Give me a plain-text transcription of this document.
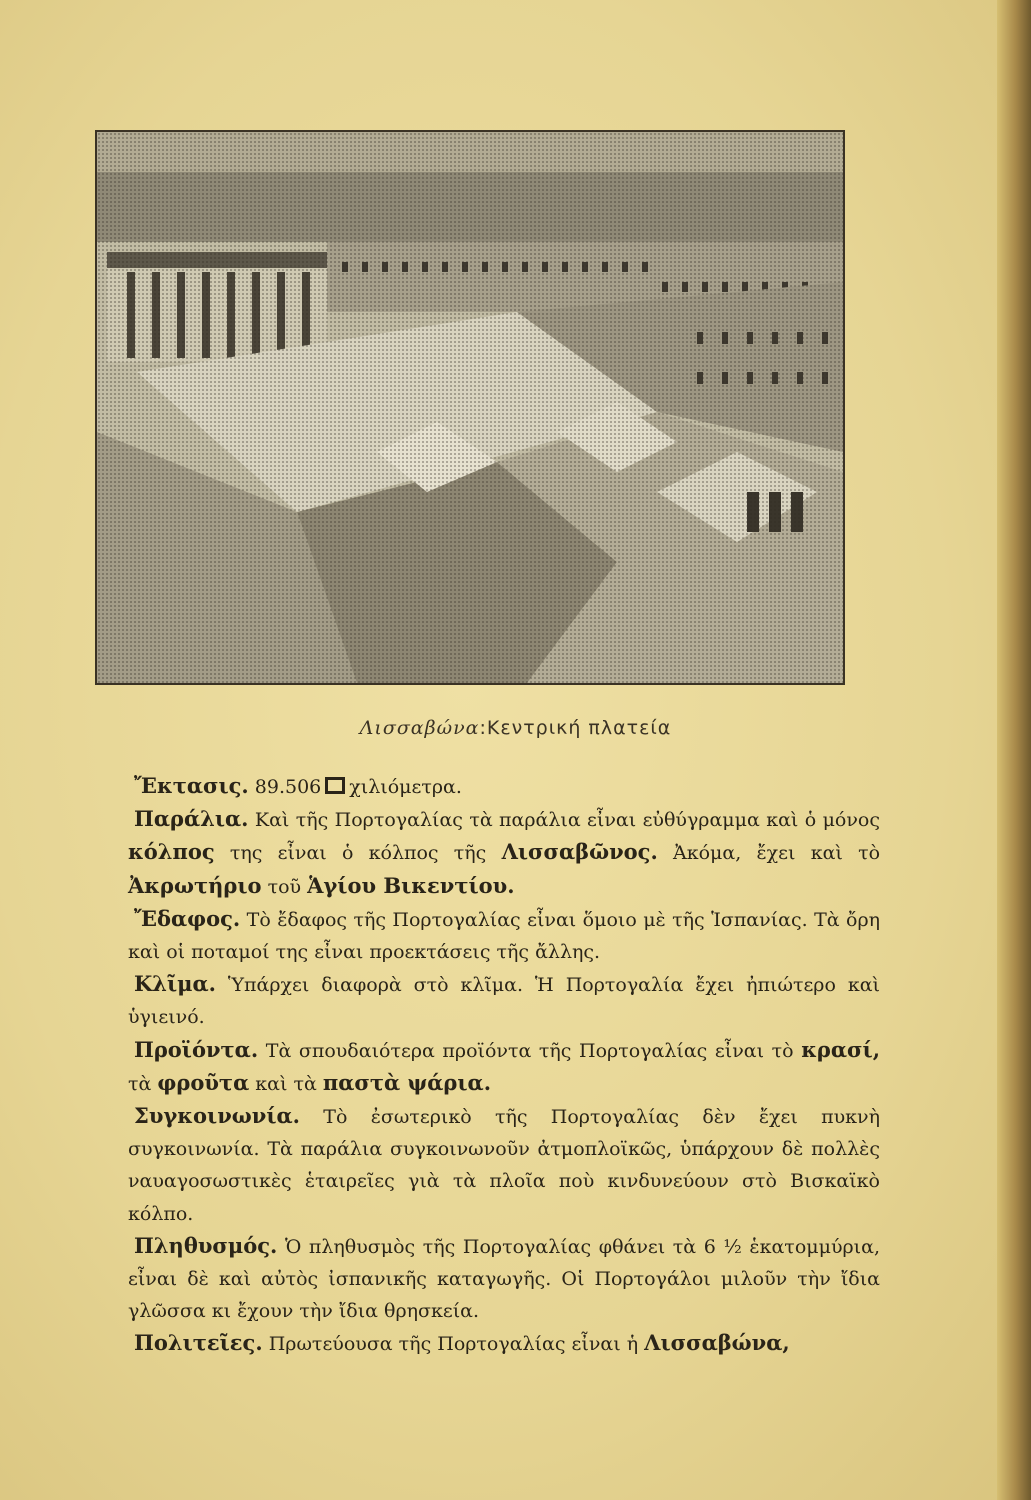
Λισσαβώνα:Κεντρική πλατεία

Ἔκτασις. 89.506 χιλιόμετρα.

Παράλια. Καὶ τῆς Πορτογαλίας τὰ παράλια εἶναι εὐθύγραμμα καὶ ὁ μόνος κόλπος της εἶναι ὁ κόλπος τῆς Λισσαβῶνος. Ἀκόμα, ἔχει καὶ τὸ Ἀκρωτήριο τοῦ Ἁγίου Βικεντίου.

Ἔδαφος. Τὸ ἔδαφος τῆς Πορτογαλίας εἶναι ὅμοιο μὲ τῆς Ἱσπανίας. Τὰ ὄρη καὶ οἱ ποταμοί της εἶναι προεκτάσεις τῆς ἄλλης.

Κλῖμα. Ὑπάρχει διαφορὰ στὸ κλῖμα. Ἡ Πορτογαλία ἔχει ἠπιώτερο καὶ ὑγιεινό.

Προϊόντα. Τὰ σπουδαιότερα προϊόντα τῆς Πορτογαλίας εἶναι τὸ κρασί, τὰ φροῦτα καὶ τὰ παστὰ ψάρια.

Συγκοινωνία. Τὸ ἐσωτερικὸ τῆς Πορτογαλίας δὲν ἔχει πυκνὴ συγκοινωνία. Τὰ παράλια συγκοινωνοῦν ἀτμοπλοϊκῶς, ὑπάρχουν δὲ πολλὲς ναυαγοσωστικὲς ἑταιρεῖες γιὰ τὰ πλοῖα ποὺ κινδυνεύουν στὸ Βισκαϊκὸ κόλπο.

Πληθυσμός. Ὁ πληθυσμὸς τῆς Πορτογαλίας φθάνει τὰ 6 ½ ἑκατομμύρια, εἶναι δὲ καὶ αὐτὸς ἰσπανικῆς καταγωγῆς. Οἱ Πορτογάλοι μιλοῦν τὴν ἴδια γλῶσσα κι ἔχουν τὴν ἴδια θρησκεία.

Πολιτεῖες. Πρωτεύουσα τῆς Πορτογαλίας εἶναι ἡ Λισσαβώνα,
